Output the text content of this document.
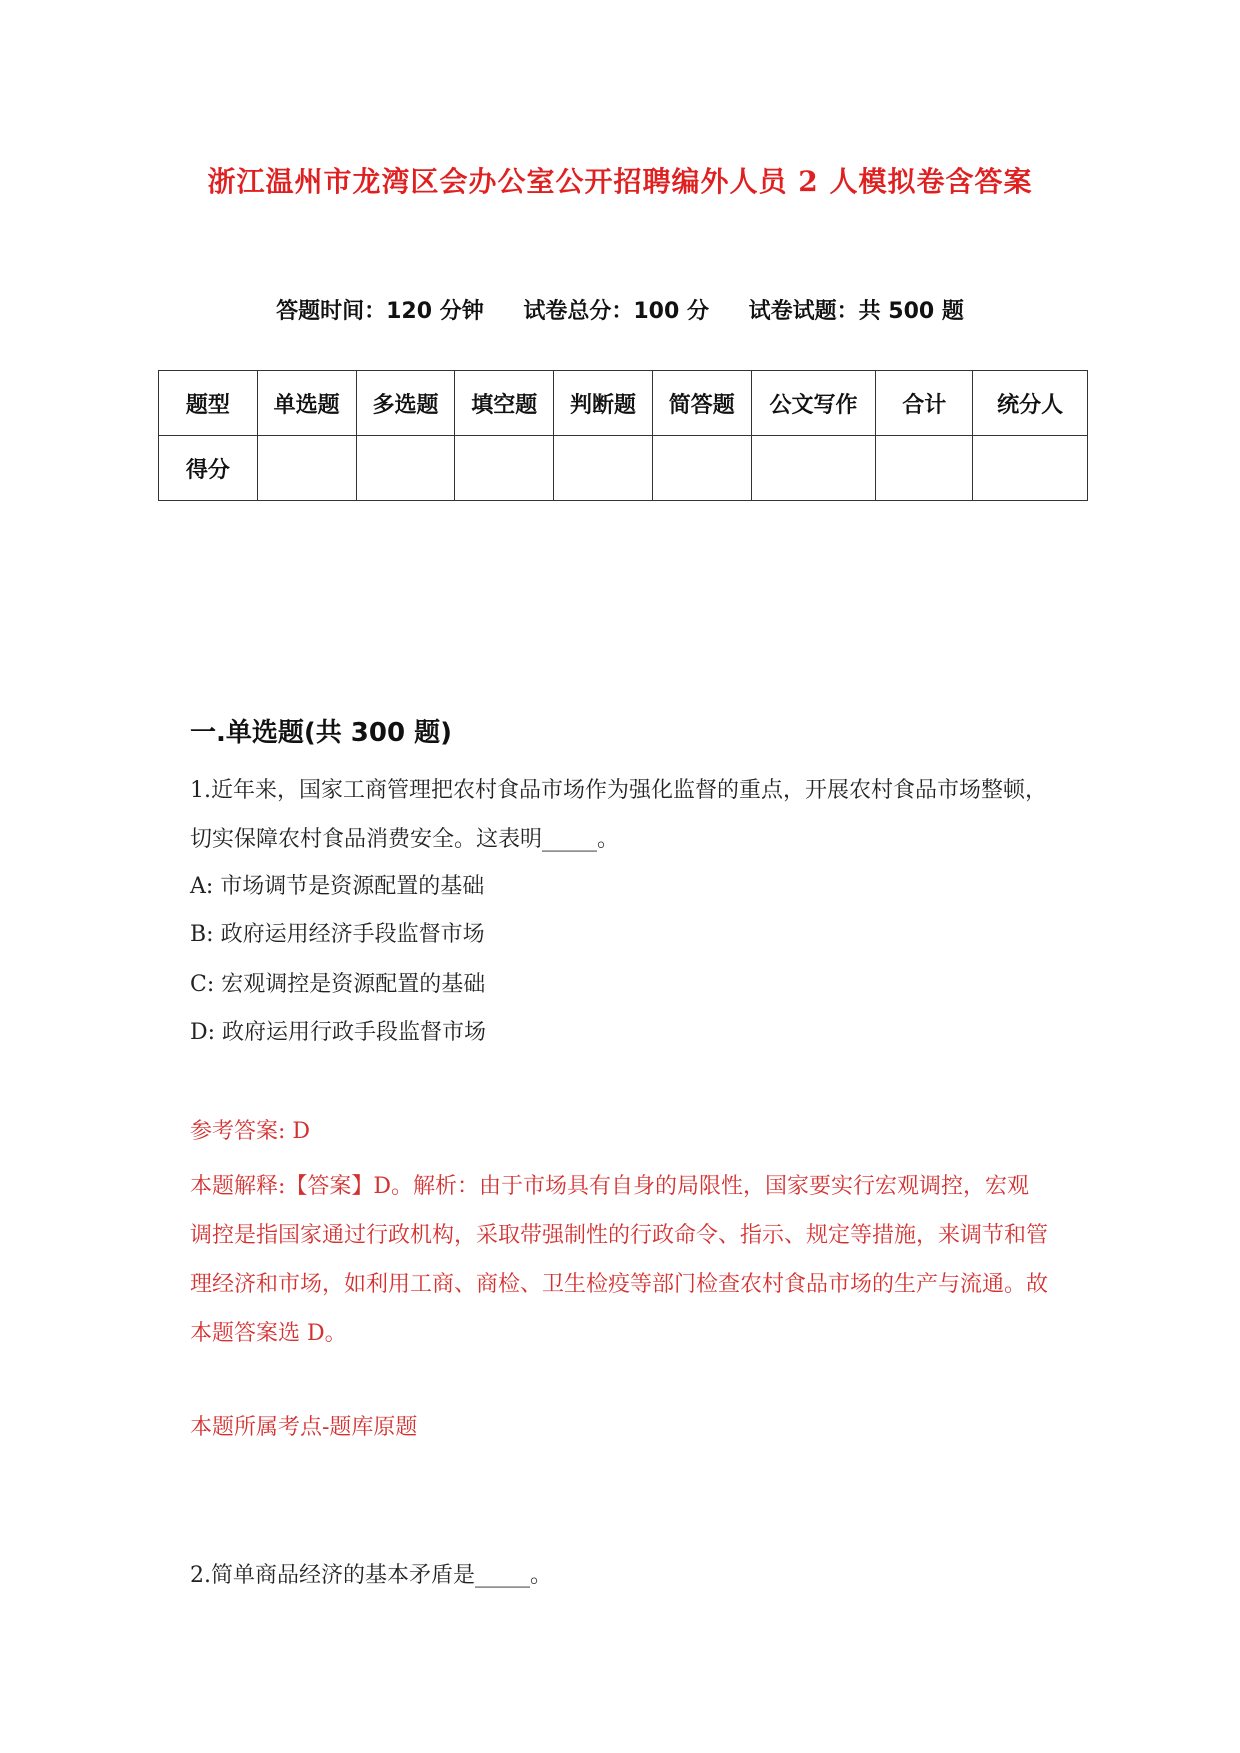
浙江温州市龙湾区会办公室公开招聘编外人员 2 人模拟卷含答案
答题时间：120 分钟 试卷总分：100 分 试卷试题：共 500 题
题型	单选题	多选题	填空题	判断题	简答题	公文写作	合计	统分人
得分								
一.单选题(共 300 题)
1.近年来，国家工商管理把农村食品市场作为强化监督的重点，开展农村食品市场整顿，切实保障农村食品消费安全。这表明_____。
A: 市场调节是资源配置的基础
B: 政府运用经济手段监督市场
C: 宏观调控是资源配置的基础
D: 政府运用行政手段监督市场
参考答案: D
本题解释:【答案】D。解析：由于市场具有自身的局限性，国家要实行宏观调控，宏观调控是指国家通过行政机构，采取带强制性的行政命令、指示、规定等措施，来调节和管理经济和市场，如利用工商、商检、卫生检疫等部门检查农村食品市场的生产与流通。故本题答案选 D。
本题所属考点-题库原题
2.简单商品经济的基本矛盾是_____。
